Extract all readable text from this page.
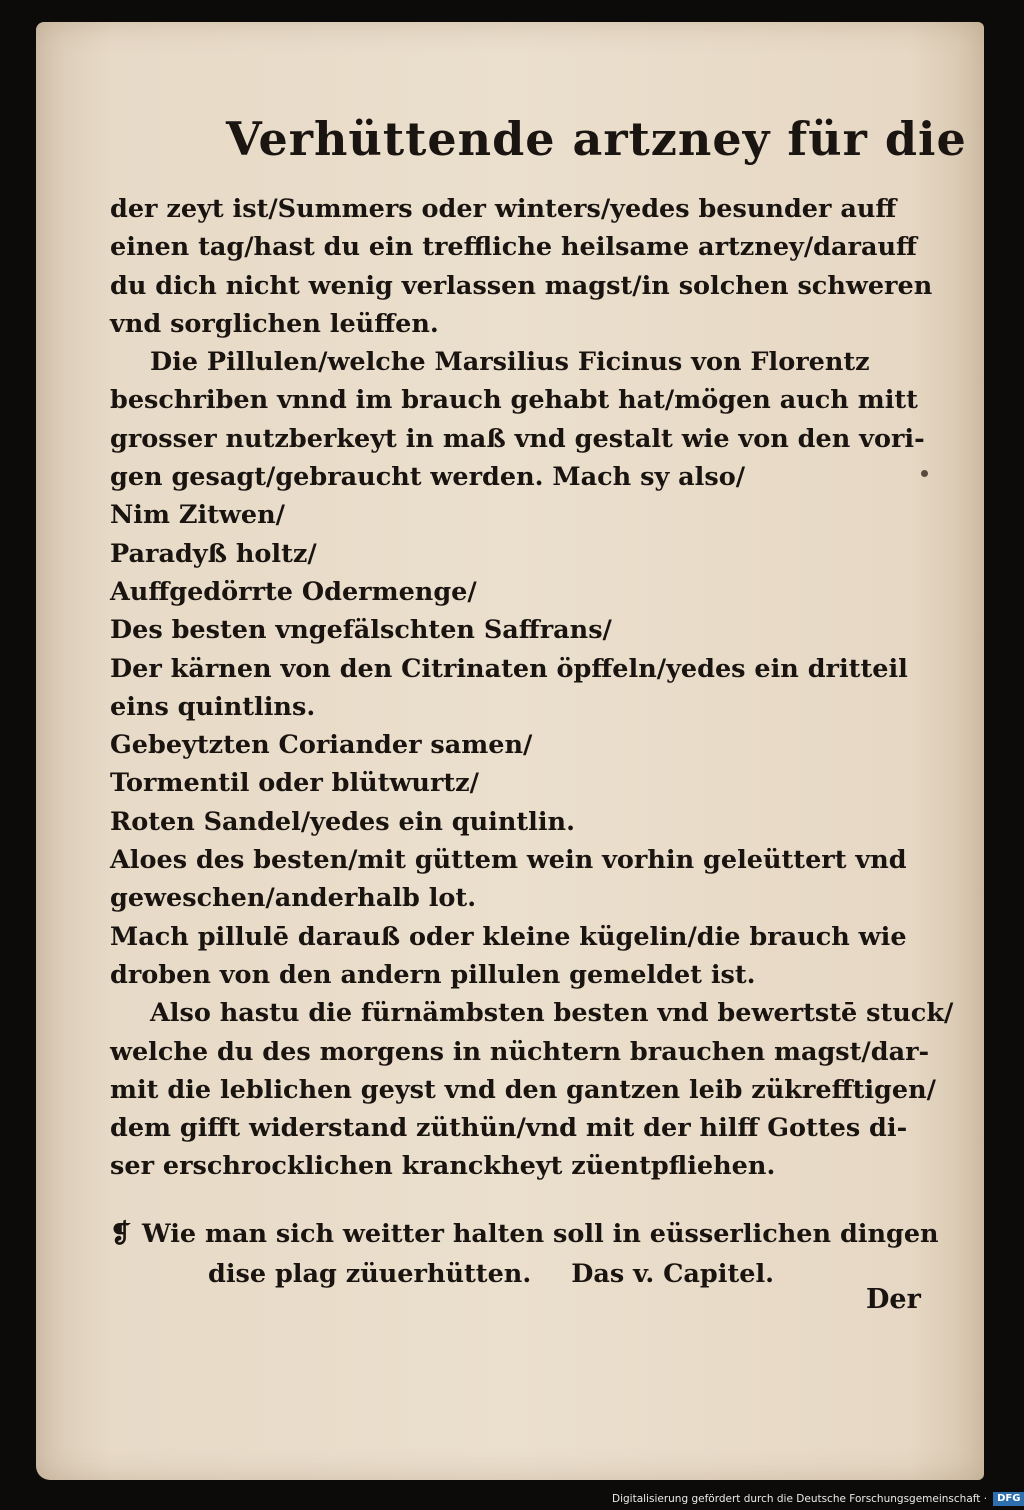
Verhüttende artzney für die
der zeyt ist/Summers oder winters/yedes besunder auff
einen tag/hast du ein treffliche heilsame artzney/darauff
du dich nicht wenig verlassen magst/in solchen schweren
vnd sorglichen leüffen.
Die Pillulen/welche Marsilius Ficinus von Florentz
beschriben vnnd im brauch gehabt hat/mögen auch mitt
grosser nutzberkeyt in maß vnd gestalt wie von den vori-
gen gesagt/gebraucht werden. Mach sy also/
Nim Zitwen/
Paradyß holtz/
Auffgedörrte Odermenge/
Des besten vngefälschten Saffrans/
Der kärnen von den Citrinaten öpffeln/yedes ein dritteil
eins quintlins.
Gebeytzten Coriander samen/
Tormentil oder blütwurtz/
Roten Sandel/yedes ein quintlin.
Aloes des besten/mit güttem wein vorhin geleüttert vnd
geweschen/anderhalb lot.
Mach pillulē darauß oder kleine kügelin/die brauch wie
droben von den andern pillulen gemeldet ist.
Also hastu die fürnämbsten besten vnd bewertstē stuck/
welche du des morgens in nüchtern brauchen magst/dar-
mit die leblichen geyst vnd den gantzen leib zükrefftigen/
dem gifft widerstand züthün/vnd mit der hilff Gottes di-
ser erschrocklichen kranckheyt züentpfliehen.
❡ Wie man sich weitter halten soll in eüsserlichen dingen
dise plag züuerhütten. Das v. Capitel.
Der
Digitalisierung gefördert durch die Deutsche Forschungsgemeinschaft · DFG
